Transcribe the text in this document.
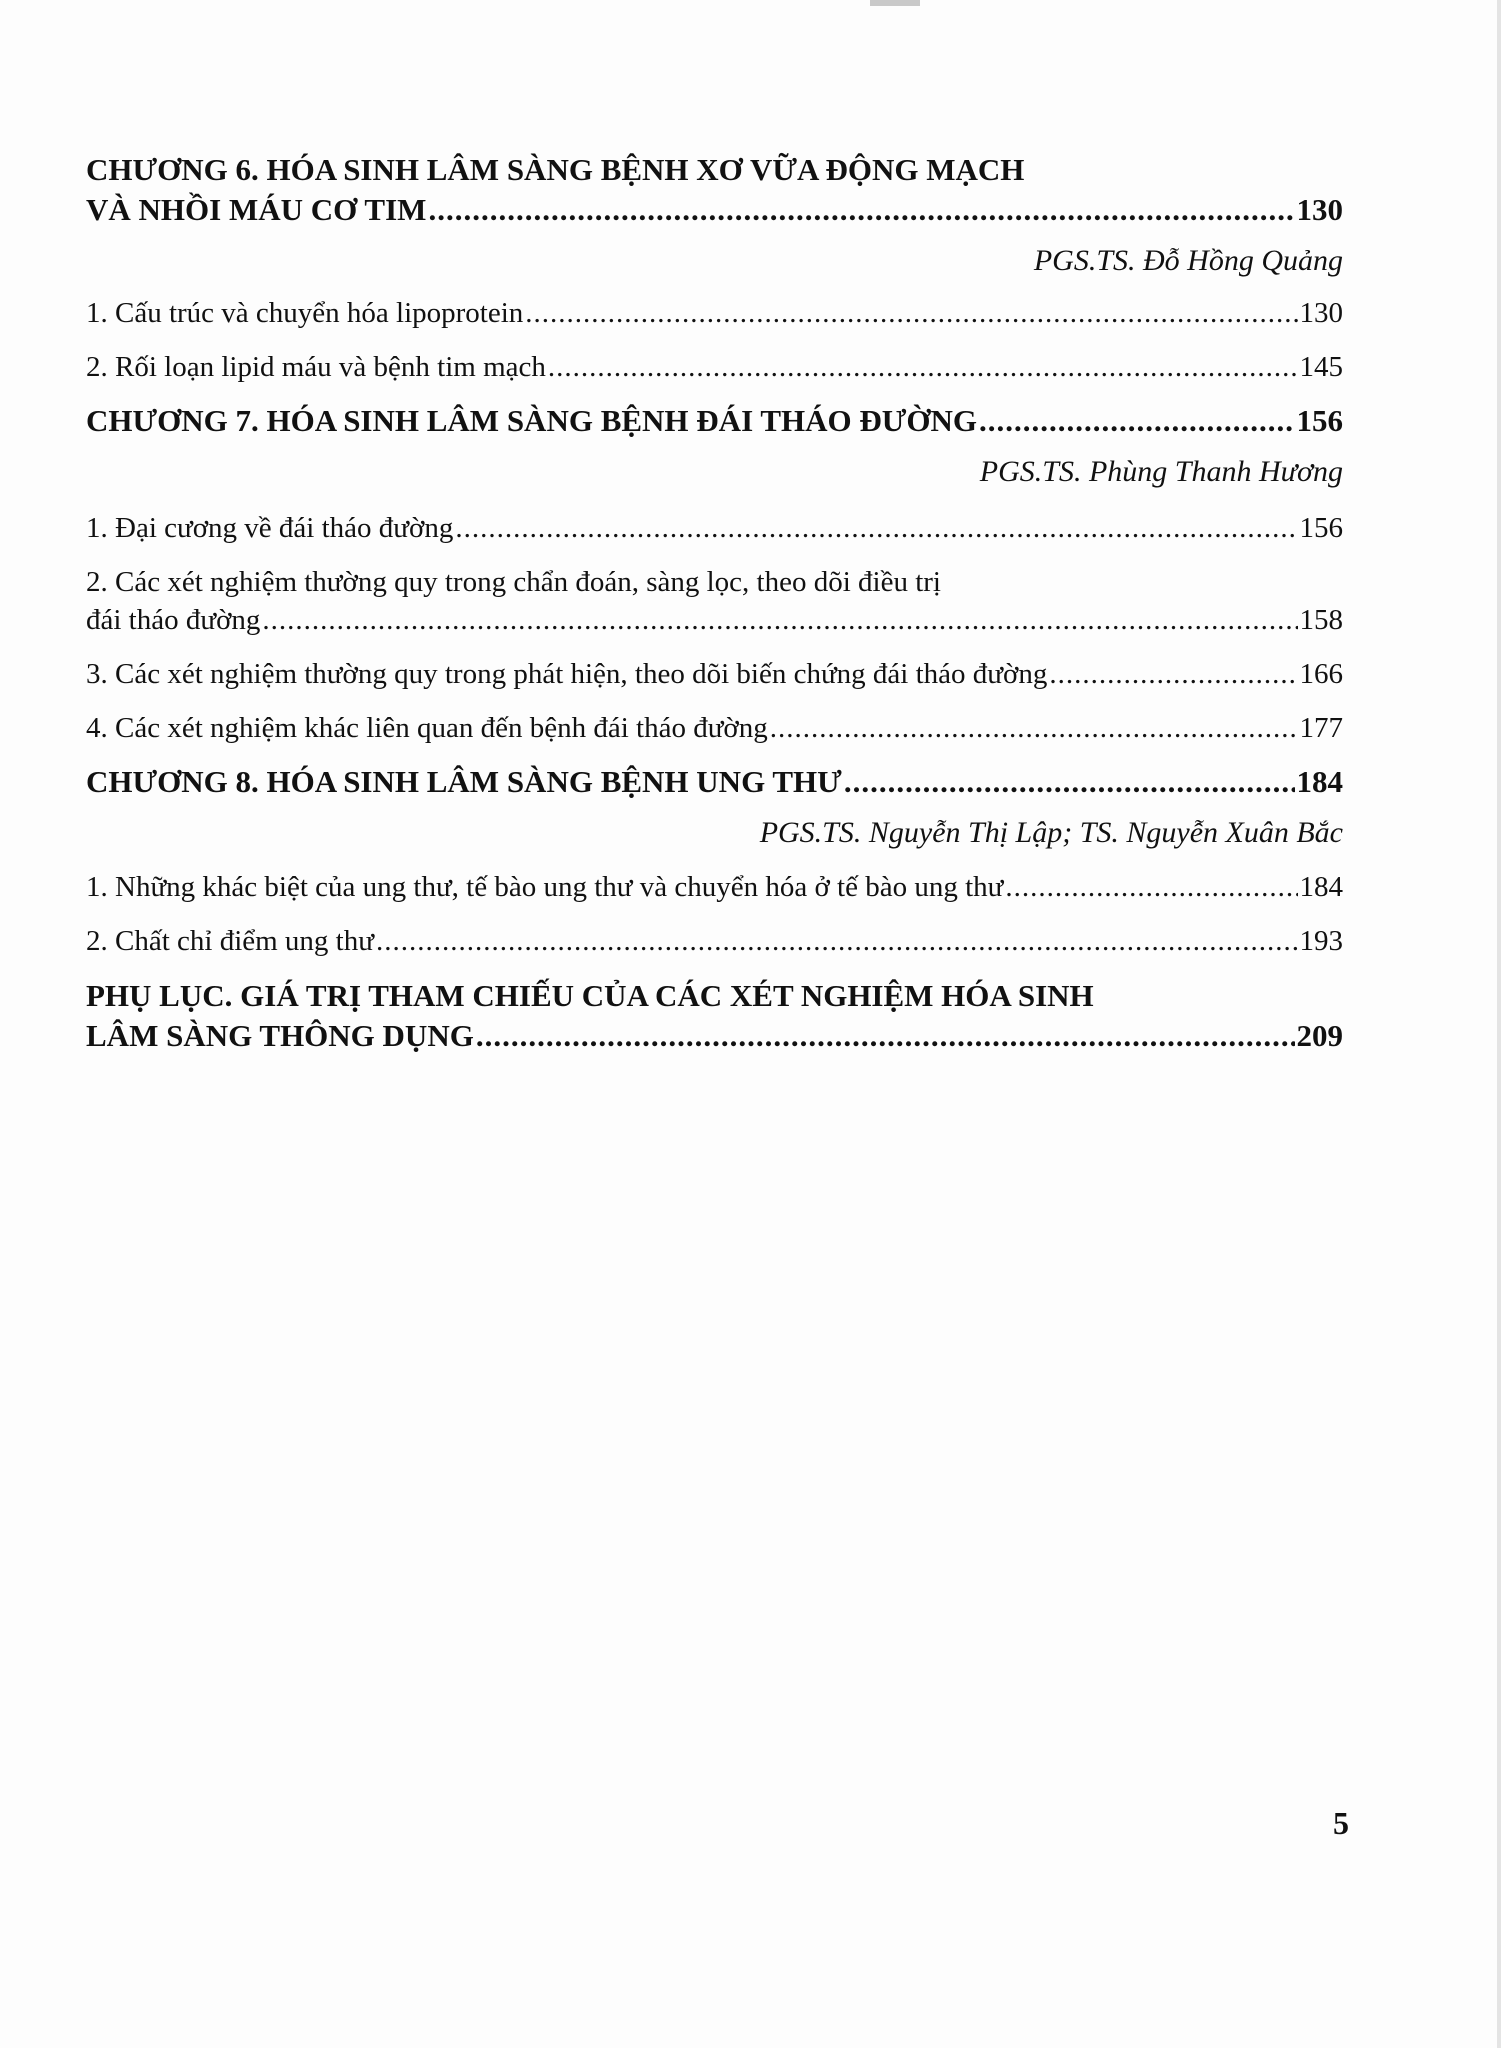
CHƯƠNG 6. HÓA SINH LÂM SÀNG BỆNH XƠ VỮA ĐỘNG MẠCH
VÀ NHỒI MÁU CƠ TIM .....	130
PGS.TS. Đỗ Hồng Quảng
1. Cấu trúc và chuyển hóa lipoprotein .....	130
2. Rối loạn lipid máu và bệnh tim mạch .....	145
CHƯƠNG 7. HÓA SINH LÂM SÀNG BỆNH ĐÁI THÁO ĐƯỜNG .....	156
PGS.TS. Phùng Thanh Hương
1. Đại cương về đái tháo đường .....	156
2. Các xét nghiệm thường quy trong chẩn đoán, sàng lọc, theo dõi điều trị
đái tháo đường .....	158
3. Các xét nghiệm thường quy trong phát hiện, theo dõi biến chứng đái tháo đường .....	166
4. Các xét nghiệm khác liên quan đến bệnh đái tháo đường .....	177
CHƯƠNG 8. HÓA SINH LÂM SÀNG BỆNH UNG THƯ .....	184
PGS.TS. Nguyễn Thị Lập; TS. Nguyễn Xuân Bắc
1. Những khác biệt của ung thư, tế bào ung thư và chuyển hóa ở tế bào ung thư .....	184
2. Chất chỉ điểm ung thư .....	193
PHỤ LỤC. GIÁ TRỊ THAM CHIẾU CỦA CÁC XÉT NGHIỆM HÓA SINH
LÂM SÀNG THÔNG DỤNG .....	209
5
